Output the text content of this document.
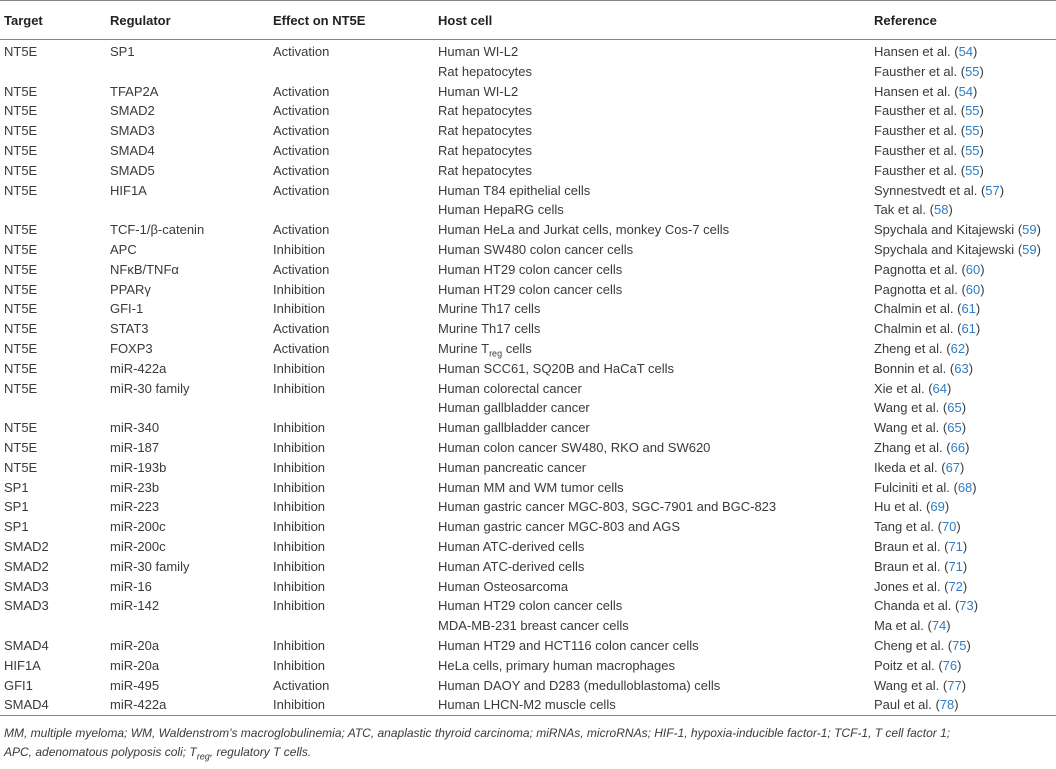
Target	Regulator	Effect on NT5E	Host cell	Reference
NT5E	SP1	Activation	Human WI-L2	Hansen et al. (54)
			Rat hepatocytes	Fausther et al. (55)
NT5E	TFAP2A	Activation	Human WI-L2	Hansen et al. (54)
NT5E	SMAD2	Activation	Rat hepatocytes	Fausther et al. (55)
NT5E	SMAD3	Activation	Rat hepatocytes	Fausther et al. (55)
NT5E	SMAD4	Activation	Rat hepatocytes	Fausther et al. (55)
NT5E	SMAD5	Activation	Rat hepatocytes	Fausther et al. (55)
NT5E	HIF1A	Activation	Human T84 epithelial cells	Synnestvedt et al. (57)
			Human HepaRG cells	Tak et al. (58)
NT5E	TCF-1/β-catenin	Activation	Human HeLa and Jurkat cells, monkey Cos-7 cells	Spychala and Kitajewski (59)
NT5E	APC	Inhibition	Human SW480 colon cancer cells	Spychala and Kitajewski (59)
NT5E	NFκB/TNFα	Activation	Human HT29 colon cancer cells	Pagnotta et al. (60)
NT5E	PPARγ	Inhibition	Human HT29 colon cancer cells	Pagnotta et al. (60)
NT5E	GFI-1	Inhibition	Murine Th17 cells	Chalmin et al. (61)
NT5E	STAT3	Activation	Murine Th17 cells	Chalmin et al. (61)
NT5E	FOXP3	Activation	Murine $T_{reg}$ cells	Zheng et al. (62)
NT5E	miR-422a	Inhibition	Human SCC61, SQ20B and HaCaT cells	Bonnin et al. (63)
NT5E	miR-30 family	Inhibition	Human colorectal cancer	Xie et al. (64)
			Human gallbladder cancer	Wang et al. (65)
NT5E	miR-340	Inhibition	Human gallbladder cancer	Wang et al. (65)
NT5E	miR-187	Inhibition	Human colon cancer SW480, RKO and SW620	Zhang et al. (66)
NT5E	miR-193b	Inhibition	Human pancreatic cancer	Ikeda et al. (67)
SP1	miR-23b	Inhibition	Human MM and WM tumor cells	Fulciniti et al. (68)
SP1	miR-223	Inhibition	Human gastric cancer MGC-803, SGC-7901 and BGC-823	Hu et al. (69)
SP1	miR-200c	Inhibition	Human gastric cancer MGC-803 and AGS	Tang et al. (70)
SMAD2	miR-200c	Inhibition	Human ATC-derived cells	Braun et al. (71)
SMAD2	miR-30 family	Inhibition	Human ATC-derived cells	Braun et al. (71)
SMAD3	miR-16	Inhibition	Human Osteosarcoma	Jones et al. (72)
SMAD3	miR-142	Inhibition	Human HT29 colon cancer cells	Chanda et al. (73)
			MDA-MB-231 breast cancer cells	Ma et al. (74)
SMAD4	miR-20a	Inhibition	Human HT29 and HCT116 colon cancer cells	Cheng et al. (75)
HIF1A	miR-20a	Inhibition	HeLa cells, primary human macrophages	Poitz et al. (76)
GFI1	miR-495	Activation	Human DAOY and D283 (medulloblastoma) cells	Wang et al. (77)
SMAD4	miR-422a	Inhibition	Human LHCN-M2 muscle cells	Paul et al. (78)
MM, multiple myeloma; WM, Waldenstrom's macroglobulinemia; ATC, anaplastic thyroid carcinoma; miRNAs, microRNAs; HIF-1, hypoxia-inducible factor-1; TCF-1, T cell factor 1;
APC, adenomatous polyposis coli; $T_{reg}$, regulatory T cells.
